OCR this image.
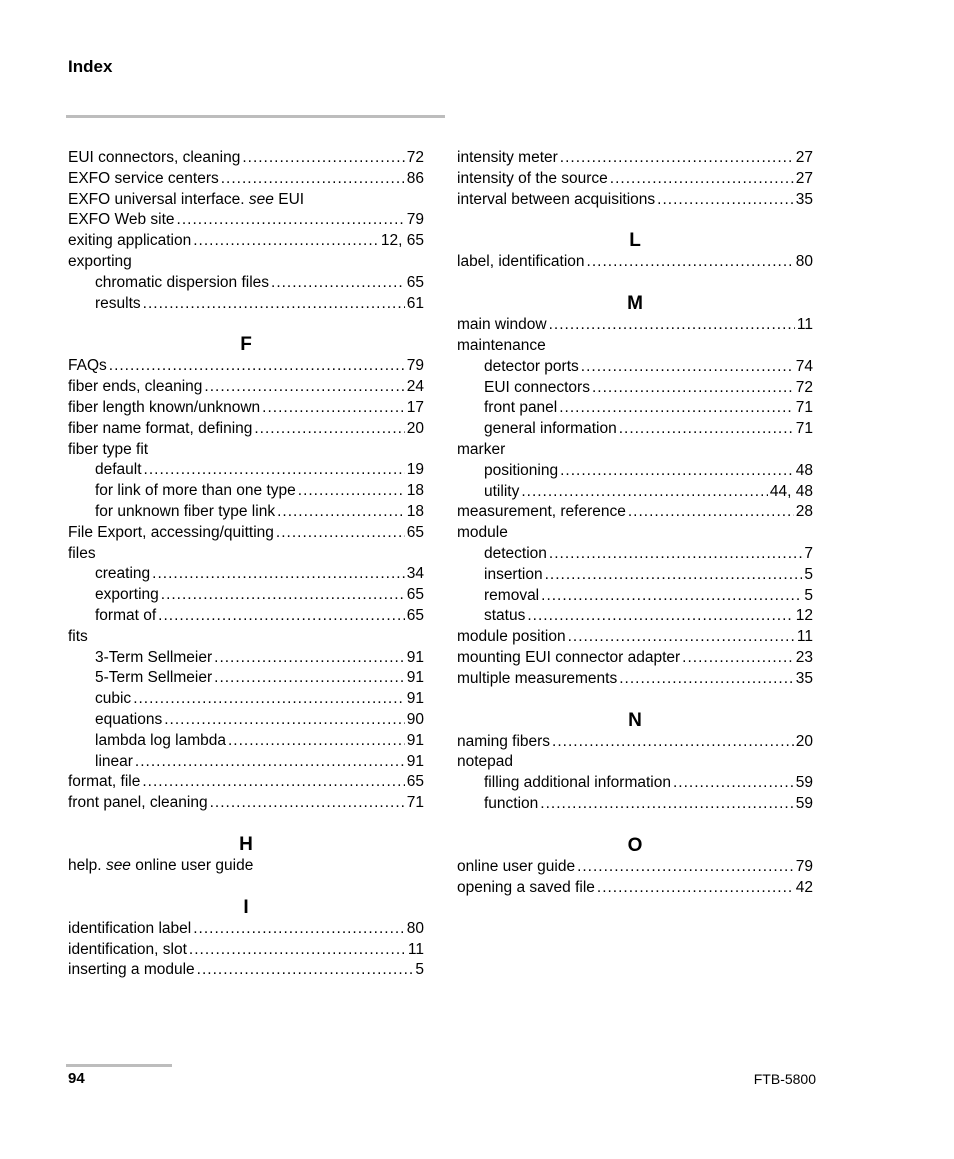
Index
EUI connectors, cleaning .....	72
EXFO service centers .....	86
EXFO universal interface. see EUI
EXFO Web site .....	79
exiting application .....	12, 65
exporting
chromatic dispersion files .....	65
results .....	61
F
FAQs .....	79
fiber ends, cleaning .....	24
fiber length known/unknown .....	17
fiber name format, defining .....	20
fiber type fit
default .....	19
for link of more than one type .....	18
for unknown fiber type link .....	18
File Export, accessing/quitting .....	65
files
creating .....	34
exporting .....	65
format of .....	65
fits
3-Term Sellmeier .....	91
5-Term Sellmeier .....	91
cubic .....	91
equations .....	90
lambda log lambda .....	91
linear .....	91
format, file .....	65
front panel, cleaning .....	71
H
help. see online user guide
I
identification label .....	80
identification, slot .....	11
inserting a module .....	5
intensity meter .....	27
intensity of the source .....	27
interval between acquisitions .....	35
L
label, identification .....	80
M
main window .....	11
maintenance
detector ports .....	74
EUI connectors .....	72
front panel .....	71
general information .....	71
marker
positioning .....	48
utility .....	44, 48
measurement, reference .....	28
module
detection .....	7
insertion .....	5
removal .....	5
status .....	12
module position .....	11
mounting EUI connector adapter .....	23
multiple measurements .....	35
N
naming fibers .....	20
notepad
filling additional information .....	59
function .....	59
O
online user guide .....	79
opening a saved file .....	42
94	FTB-5800
